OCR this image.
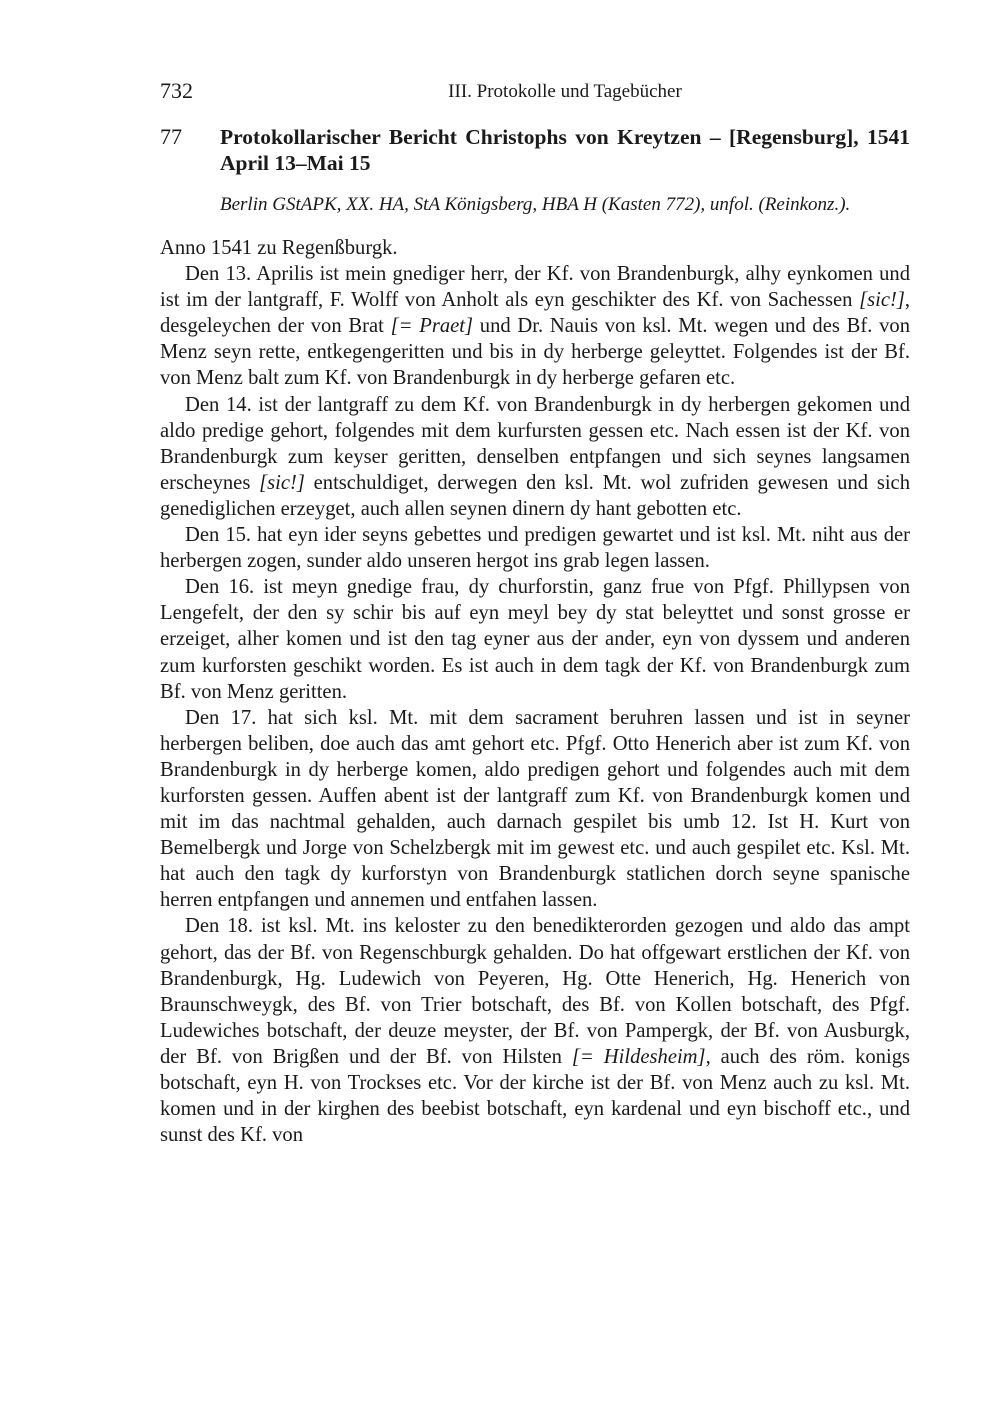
732	III. Protokolle und Tagebücher
77	Protokollarischer Bericht Christophs von Kreytzen – [Regensburg], 1541 April 13–Mai 15
Berlin GStAPK, XX. HA, StA Königsberg, HBA H (Kasten 772), unfol. (Reinkonz.).

Anno 1541 zu Regenßburgk.

Den 13. Aprilis ist mein gnediger herr, der Kf. von Brandenburgk, alhy eynkomen und ist im der lantgraff, F. Wolff von Anholt als eyn geschikter des Kf. von Sachessen [sic!], desgeleychen der von Brat [= Praet] und Dr. Nauis von ksl. Mt. wegen und des Bf. von Menz seyn rette, entkegengeritten und bis in dy herberge geleyttet. Folgendes ist der Bf. von Menz balt zum Kf. von Brandenburgk in dy herberge gefaren etc.

Den 14. ist der lantgraff zu dem Kf. von Brandenburgk in dy herbergen gekomen und aldo predige gehort, folgendes mit dem kurfursten gessen etc. Nach essen ist der Kf. von Brandenburgk zum keyser geritten, denselben entpfangen und sich seynes langsamen erscheynes [sic!] entschuldiget, derwegen den ksl. Mt. wol zufriden gewesen und sich genediglichen erzeyget, auch allen seynen dinern dy hant gebotten etc.

Den 15. hat eyn ider seyns gebettes und predigen gewartet und ist ksl. Mt. niht aus der herbergen zogen, sunder aldo unseren hergot ins grab legen lassen.

Den 16. ist meyn gnedige frau, dy churforstin, ganz frue von Pfgf. Phillypsen von Lengefelt, der den sy schir bis auf eyn meyl bey dy stat beleyttet und sonst grosse er erzeiget, alher komen und ist den tag eyner aus der ander, eyn von dyssem und anderen zum kurforsten geschikt worden. Es ist auch in dem tagk der Kf. von Brandenburgk zum Bf. von Menz geritten.

Den 17. hat sich ksl. Mt. mit dem sacrament beruhren lassen und ist in seyner herbergen beliben, doe auch das amt gehort etc. Pfgf. Otto Henerich aber ist zum Kf. von Brandenburgk in dy herberge komen, aldo predigen gehort und folgendes auch mit dem kurforsten gessen. Auffen abent ist der lantgraff zum Kf. von Brandenburgk komen und mit im das nachtmal gehalden, auch darnach gespilet bis umb 12. Ist H. Kurt von Bemelbergk und Jorge von Schelzbergk mit im gewest etc. und auch gespilet etc. Ksl. Mt. hat auch den tagk dy kurforstyn von Brandenburgk statlichen dorch seyne spanische herren entpfangen und annemen und entfahen lassen.

Den 18. ist ksl. Mt. ins keloster zu den benedikterorden gezogen und aldo das ampt gehort, das der Bf. von Regenschburgk gehalden. Do hat offgewart erstlichen der Kf. von Brandenburgk, Hg. Ludewich von Peyeren, Hg. Otte Henerich, Hg. Henerich von Braunschweygk, des Bf. von Trier botschaft, des Bf. von Kollen botschaft, des Pfgf. Ludewiches botschaft, der deuze meyster, der Bf. von Pampergk, der Bf. von Ausburgk, der Bf. von Brigßen und der Bf. von Hilsten [= Hildesheim], auch des röm. konigs botschaft, eyn H. von Trockses etc. Vor der kirche ist der Bf. von Menz auch zu ksl. Mt. komen und in der kirghen des beebist botschaft, eyn kardenal und eyn bischoff etc., und sunst des Kf. von
